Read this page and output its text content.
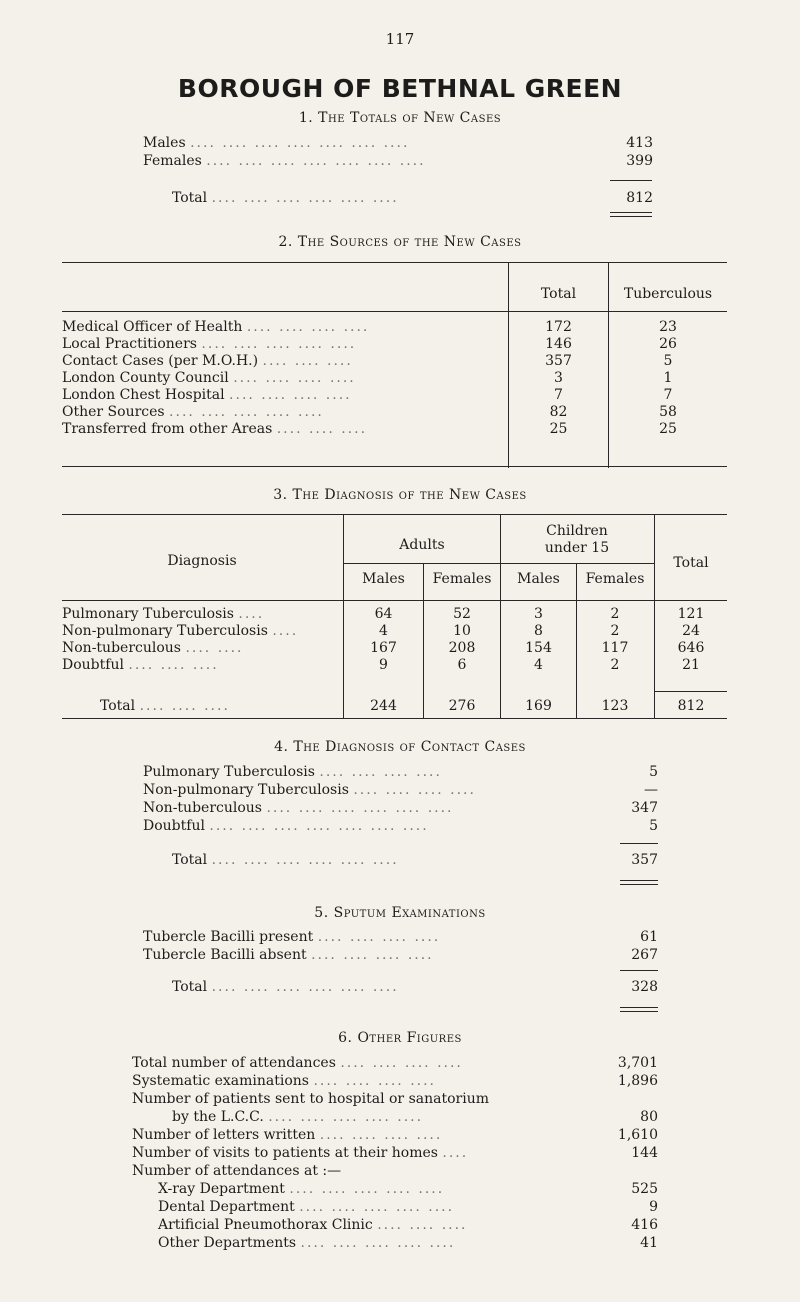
117
BOROUGH OF BETHNAL GREEN
1. The Totals of New Cases
Males .... .... .... .... .... .... ....	413
Females .... .... .... .... .... .... ....	399
Total .... .... .... .... .... ....	812
2. The Sources of the New Cases
Total	Tuberculous
Medical Officer of Health .... .... .... ....	172	23
Local Practitioners .... .... .... .... ....	146	26
Contact Cases (per M.O.H.) .... .... ....	357	5
London County Council .... .... .... ....	3	1
London Chest Hospital .... .... .... ....	7	7
Other Sources .... .... .... .... ....	82	58
Transferred from other Areas .... .... ....	25	25
3. The Diagnosis of the New Cases
Diagnosis
Adults
Children
under 15
Total
Males	Females	Males	Females
Pulmonary Tuberculosis ....	64	52	3	2	121
Non-pulmonary Tuberculosis ....	4	10	8	2	24
Non-tuberculous .... ....	167	208	154	117	646
Doubtful .... .... ....	9	6	4	2	21
Total .... .... ....	244	276	169	123	812
4. The Diagnosis of Contact Cases
Pulmonary Tuberculosis .... .... .... ....	5
Non-pulmonary Tuberculosis .... .... .... ....	—
Non-tuberculous .... .... .... .... .... ....	347
Doubtful .... .... .... .... .... .... ....	5
Total .... .... .... .... .... ....	357
5. Sputum Examinations
Tubercle Bacilli present .... .... .... ....	61
Tubercle Bacilli absent .... .... .... ....	267
Total .... .... .... .... .... ....	328
6. Other Figures
Total number of attendances .... .... .... ....	3,701
Systematic examinations .... .... .... ....	1,896
Number of patients sent to hospital or sanatorium
by the L.C.C. .... .... .... .... ....	80
Number of letters written .... .... .... ....	1,610
Number of visits to patients at their homes ....	144
Number of attendances at :—
X-ray Department .... .... .... .... ....	525
Dental Department .... .... .... .... ....	9
Artificial Pneumothorax Clinic .... .... ....	416
Other Departments .... .... .... .... ....	41
